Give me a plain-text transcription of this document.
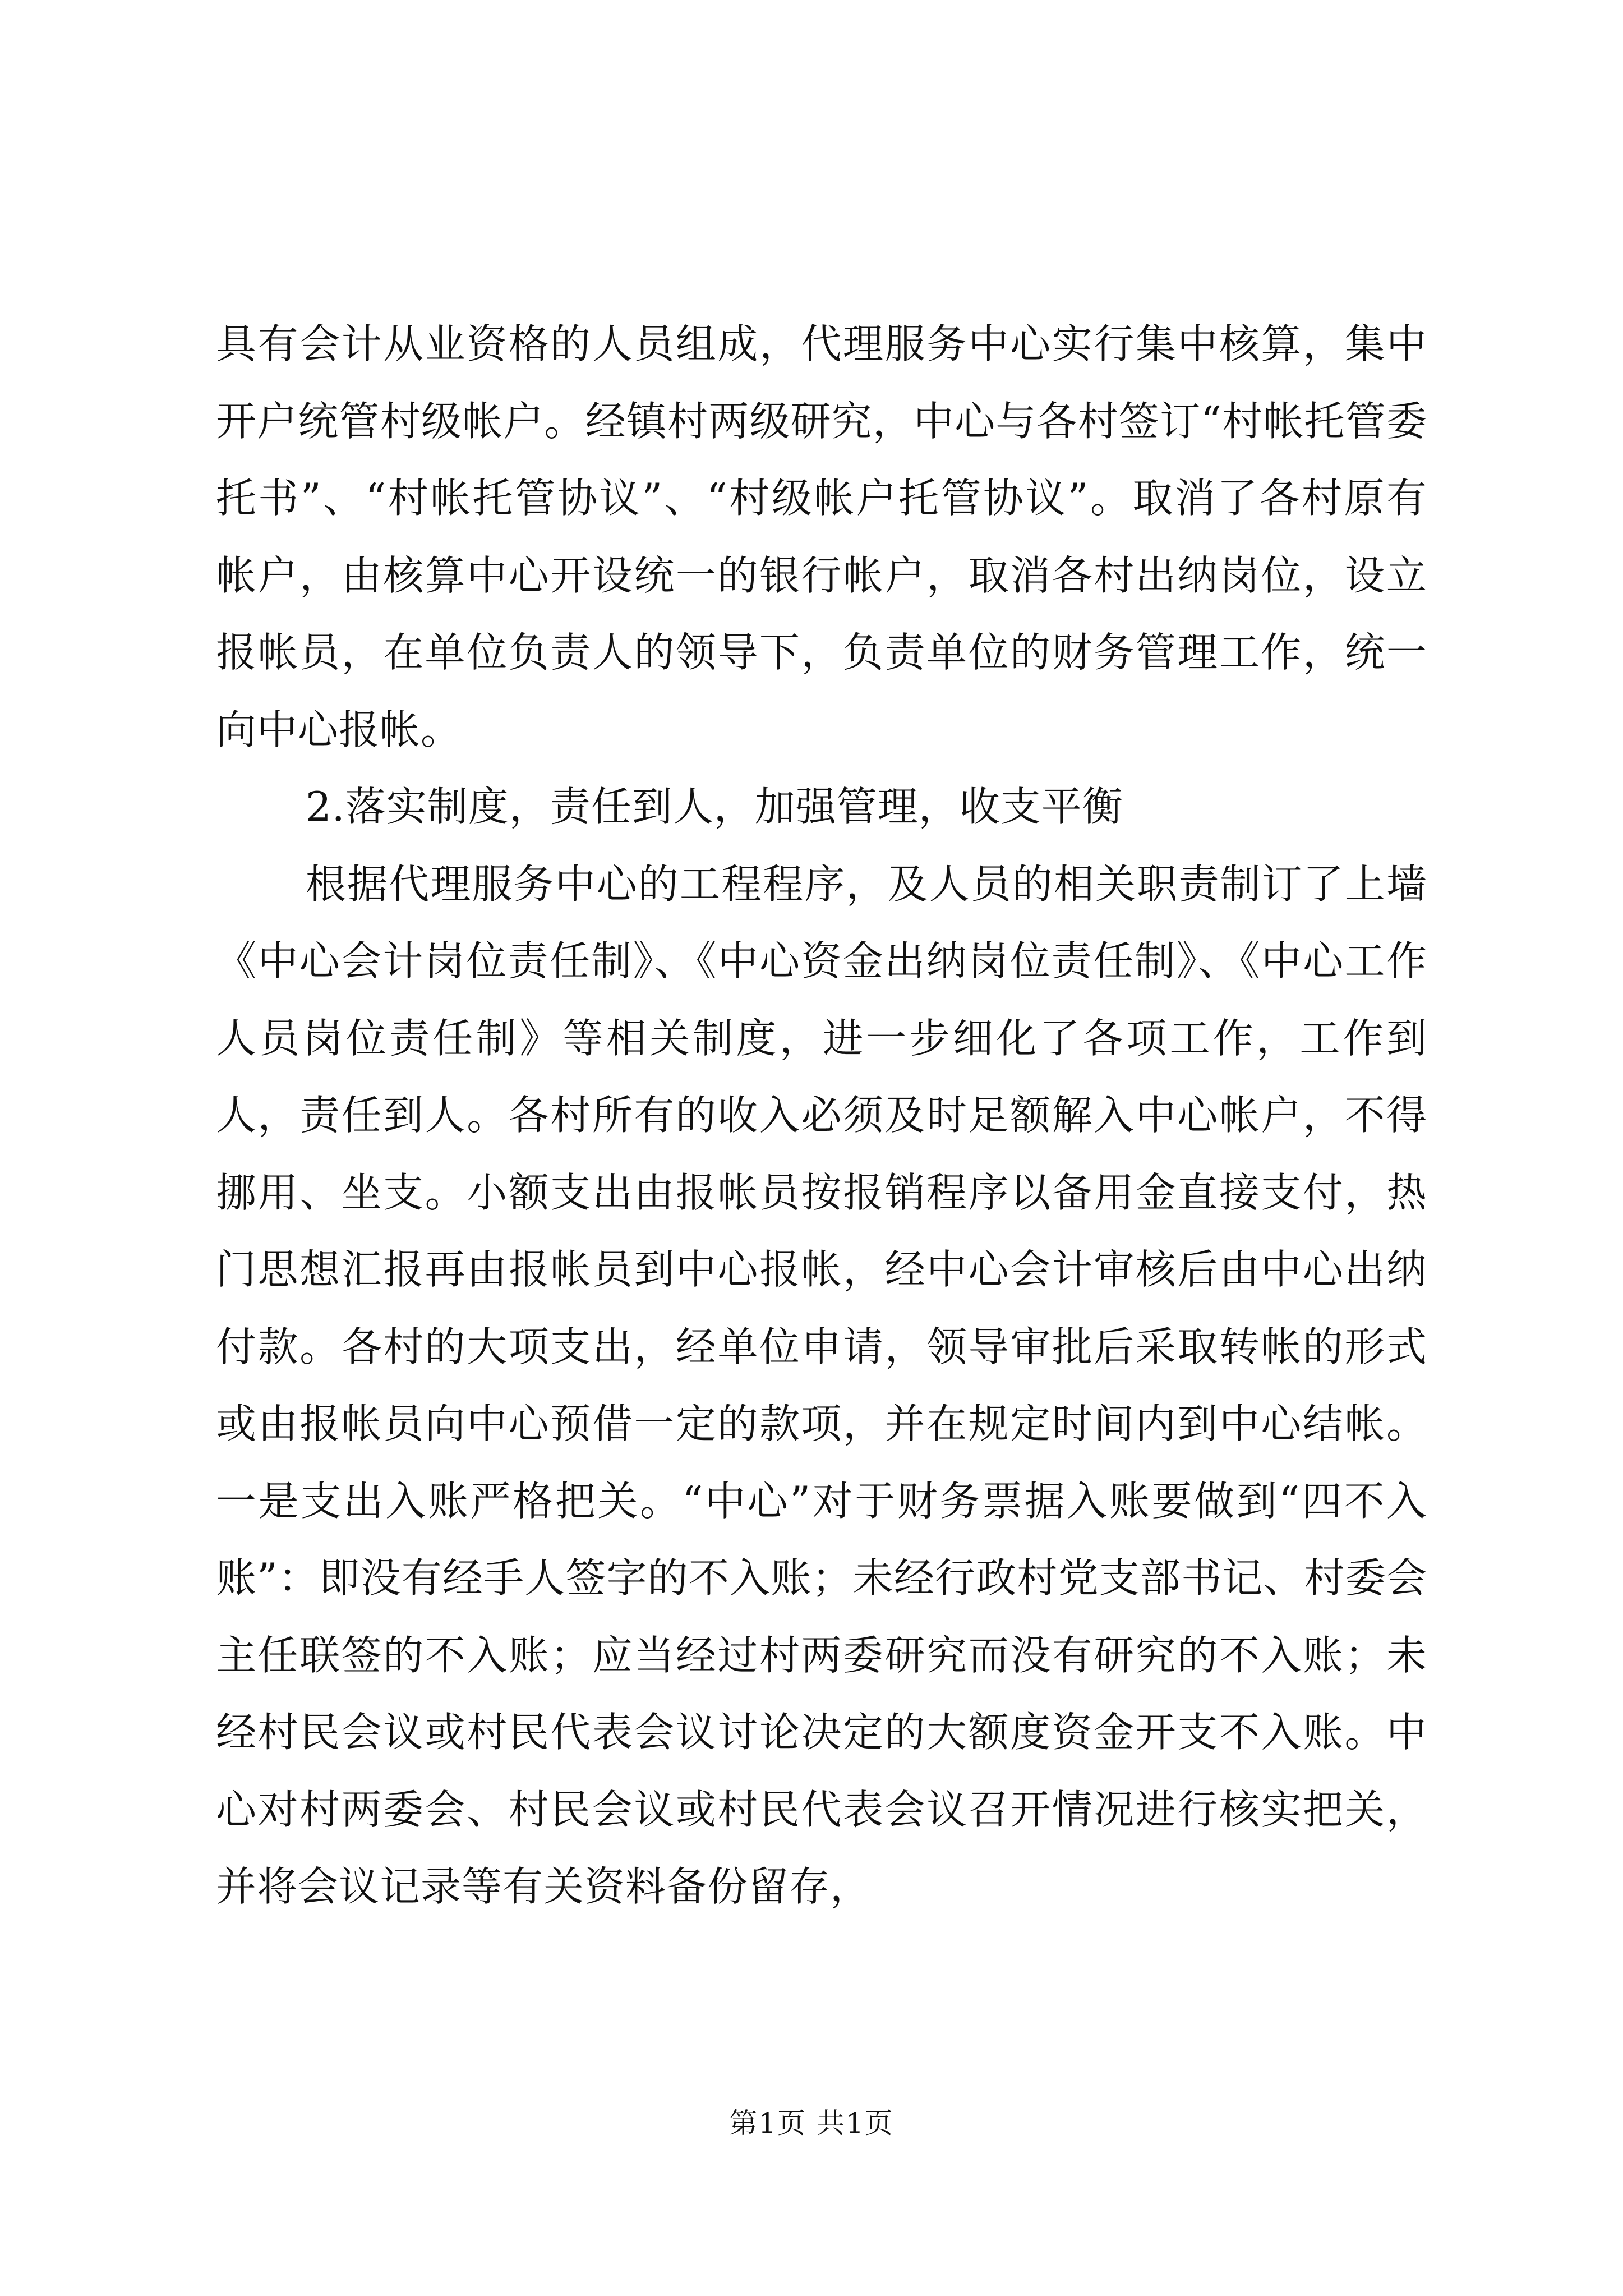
具有会计从业资格的人员组成，代理服务中心实行集中核算，集中开户统管村级帐户。经镇村两级研究，中心与各村签订“村帐托管委托书”、“村帐托管协议”、“村级帐户托管协议”。取消了各村原有帐户，由核算中心开设统一的银行帐户，取消各村出纳岗位，设立报帐员，在单位负责人的领导下，负责单位的财务管理工作，统一向中心报帐。

2.落实制度，责任到人，加强管理，收支平衡

根据代理服务中心的工程程序，及人员的相关职责制订了上墙《中心会计岗位责任制》、《中心资金出纳岗位责任制》、《中心工作人员岗位责任制》等相关制度，进一步细化了各项工作，工作到人，责任到人。各村所有的收入必须及时足额解入中心帐户，不得挪用、坐支。小额支出由报帐员按报销程序以备用金直接支付，热门思想汇报再由报帐员到中心报帐，经中心会计审核后由中心出纳付款。各村的大项支出，经单位申请，领导审批后采取转帐的形式或由报帐员向中心预借一定的款项，并在规定时间内到中心结帐。一是支出入账严格把关。“中心”对于财务票据入账要做到“四不入账”：即没有经手人签字的不入账；未经行政村党支部书记、村委会主任联签的不入账；应当经过村两委研究而没有研究的不入账；未经村民会议或村民代表会议讨论决定的大额度资金开支不入账。中心对村两委会、村民会议或村民代表会议召开情况进行核实把关，并将会议记录等有关资料备份留存，

第1页 共1页
